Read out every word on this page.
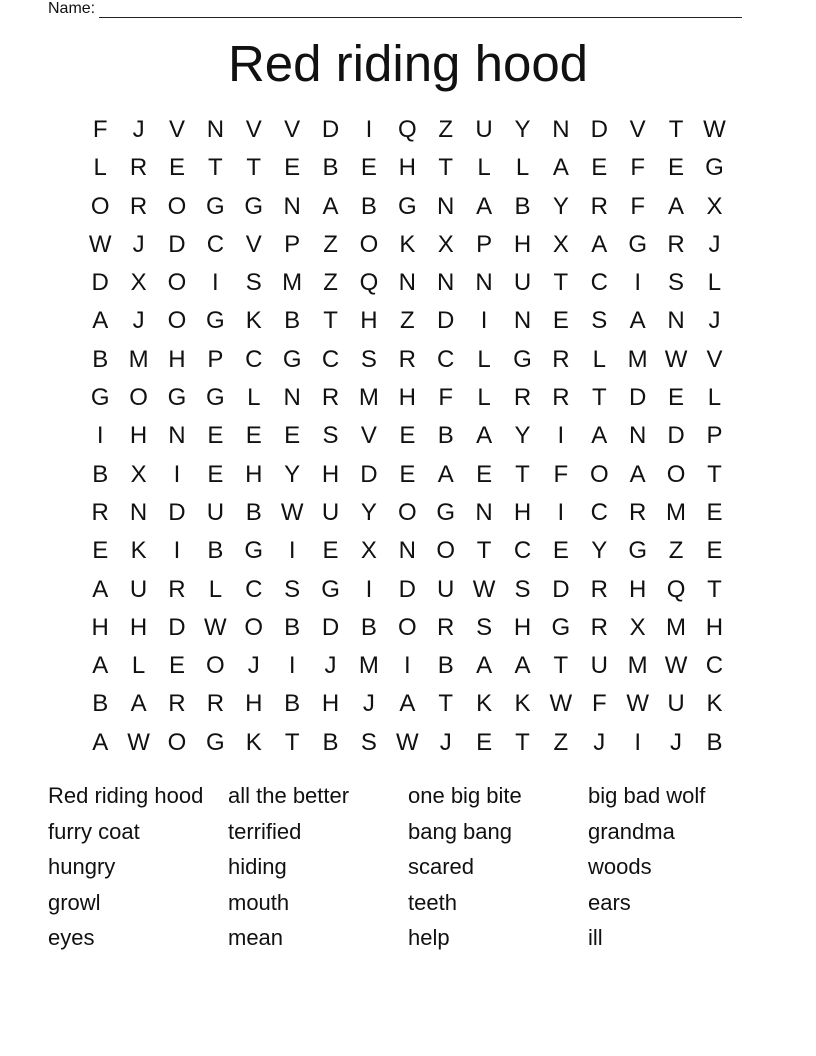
Name:
Red riding hood
F	J	V N V V D	I	Q Z U Y N D V T W
L R E T T E B E H T	L	L A E F E G
O R O G G N A B G N A B Y R F A X
W J D C V P Z O K X P H X A G R J
D X O	I	S M Z Q N N N U T C	I	S L
A	J O G K B T H Z D	I	N E S A N J
B M H P C G C S R C L G R L M W V
G O G G L N R M H F	L R R T D E L
I	H N E E E S V E B A Y	I	A N D P
B X	I	E H Y H D E A E T F O A O T
R N D U B W U Y O G N H	I	C R M E
E K	I	B G	I	E X N O T C E Y G Z E
A U R L C S G	I	D U W S D R H Q T
H H D W O B D B O R S H G R X M H
A L E O J	I	J M	I	B A A T U M W C
B A R R H B H J	A T K K W F W U K
A W O G K T B S W J	E T Z	J	I	J	B
Red riding hood	all the better	one big bite	big bad wolf
furry coat	terrified	bang bang	grandma
hungry	hiding	scared	woods
growl	mouth	teeth	ears
eyes	mean	help	ill
